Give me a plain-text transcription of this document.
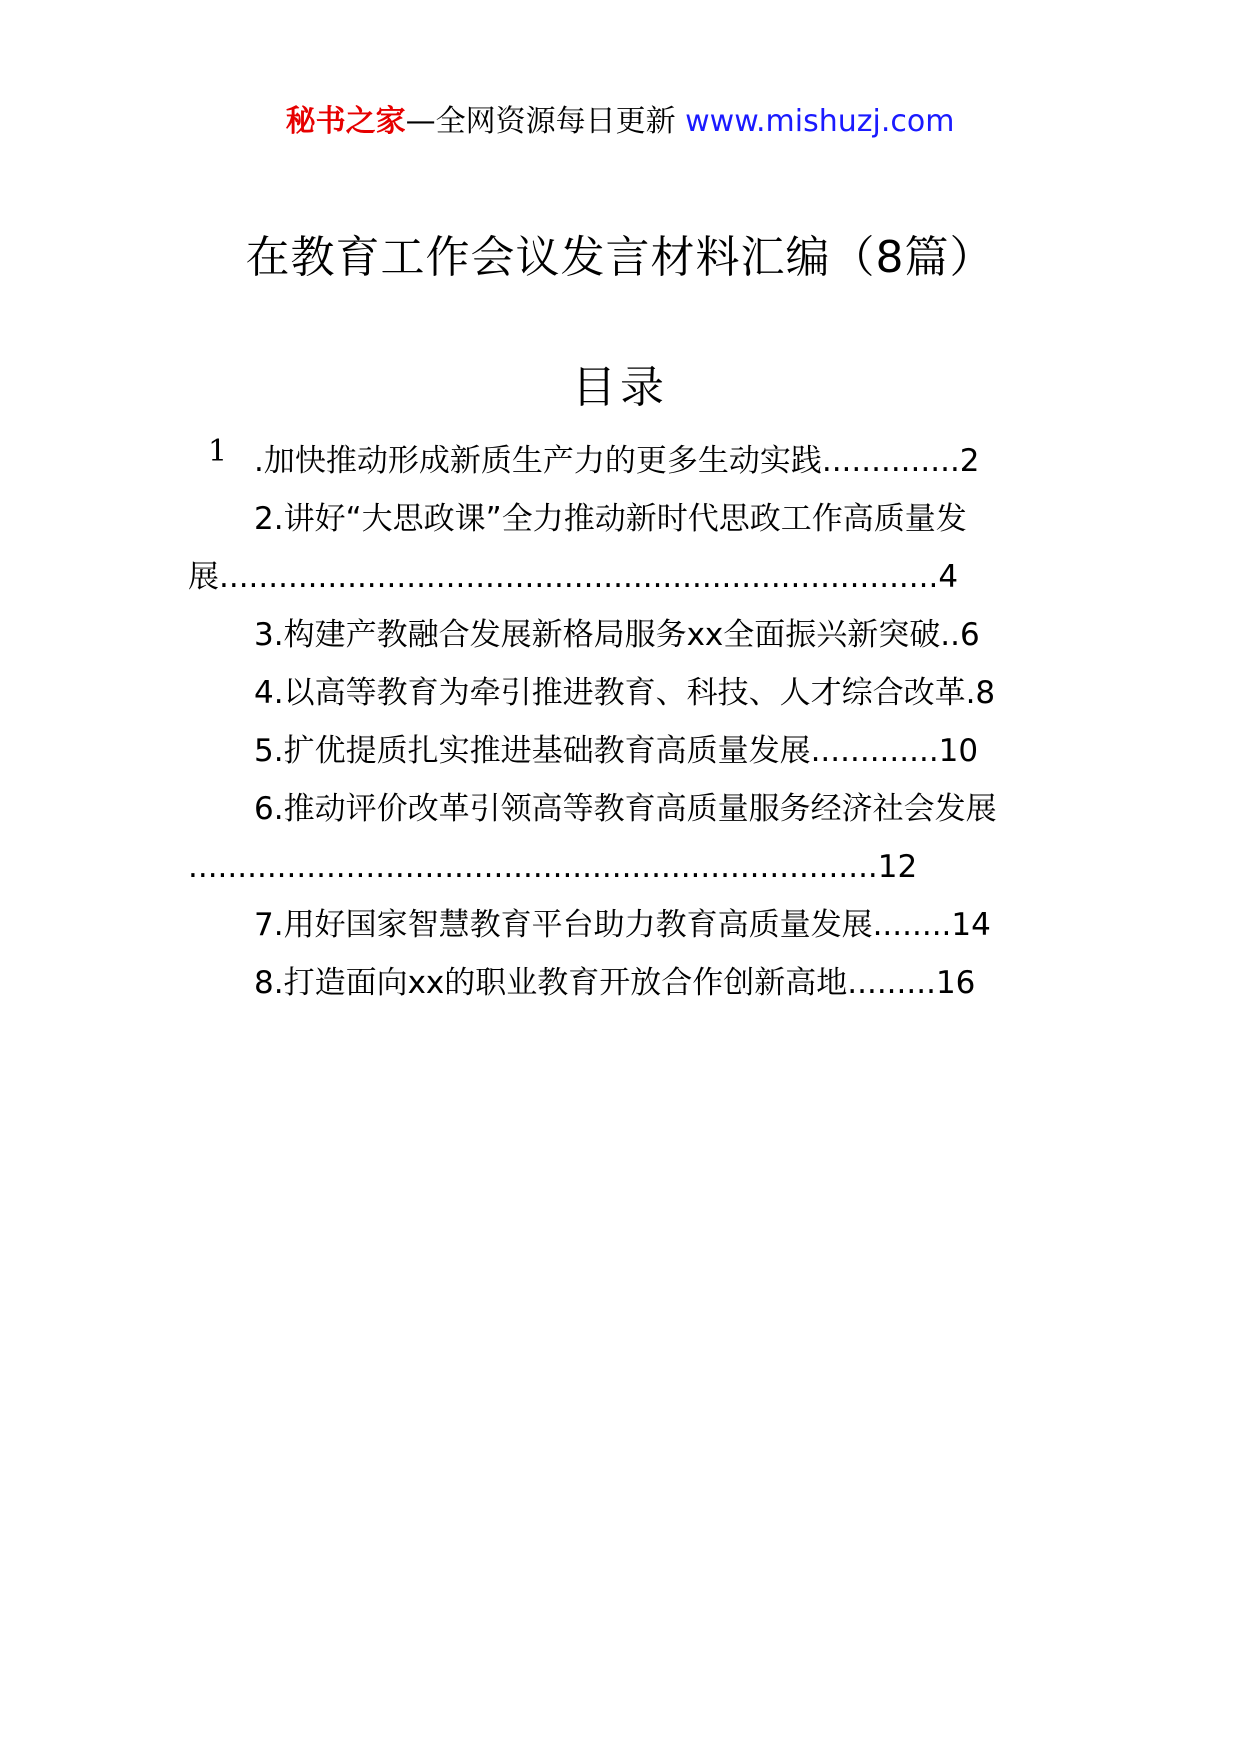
秘书之家—全网资源每日更新 www.mishuzj.com
在教育工作会议发言材料汇编（8篇）
目录
1 .加快推动形成新质生产力的更多生动实践..............2
2.讲好“大思政课”全力推动新时代思政工作高质量发
展.........................................................................4
3.构建产教融合发展新格局服务xx全面振兴新突破..6
4.以高等教育为牵引推进教育、科技、人才综合改革.8
5.扩优提质扎实推进基础教育高质量发展.............10
6.推动评价改革引领高等教育高质量服务经济社会发展
......................................................................12
7.用好国家智慧教育平台助力教育高质量发展........14
8.打造面向xx的职业教育开放合作创新高地.........16
